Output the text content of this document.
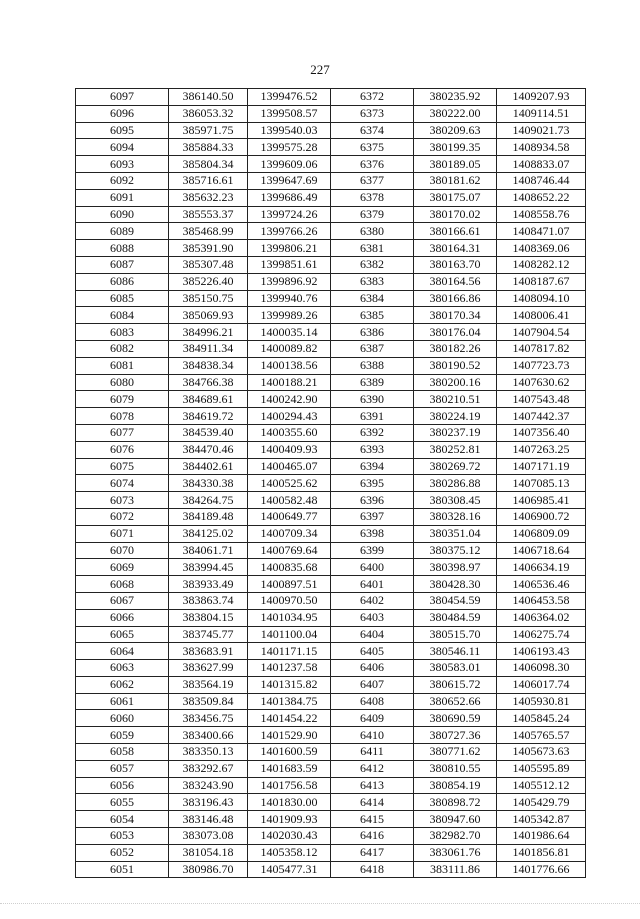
227
6097	386140.50	1399476.52	6372	380235.92	1409207.93
6096	386053.32	1399508.57	6373	380222.00	1409114.51
6095	385971.75	1399540.03	6374	380209.63	1409021.73
6094	385884.33	1399575.28	6375	380199.35	1408934.58
6093	385804.34	1399609.06	6376	380189.05	1408833.07
6092	385716.61	1399647.69	6377	380181.62	1408746.44
6091	385632.23	1399686.49	6378	380175.07	1408652.22
6090	385553.37	1399724.26	6379	380170.02	1408558.76
6089	385468.99	1399766.26	6380	380166.61	1408471.07
6088	385391.90	1399806.21	6381	380164.31	1408369.06
6087	385307.48	1399851.61	6382	380163.70	1408282.12
6086	385226.40	1399896.92	6383	380164.56	1408187.67
6085	385150.75	1399940.76	6384	380166.86	1408094.10
6084	385069.93	1399989.26	6385	380170.34	1408006.41
6083	384996.21	1400035.14	6386	380176.04	1407904.54
6082	384911.34	1400089.82	6387	380182.26	1407817.82
6081	384838.34	1400138.56	6388	380190.52	1407723.73
6080	384766.38	1400188.21	6389	380200.16	1407630.62
6079	384689.61	1400242.90	6390	380210.51	1407543.48
6078	384619.72	1400294.43	6391	380224.19	1407442.37
6077	384539.40	1400355.60	6392	380237.19	1407356.40
6076	384470.46	1400409.93	6393	380252.81	1407263.25
6075	384402.61	1400465.07	6394	380269.72	1407171.19
6074	384330.38	1400525.62	6395	380286.88	1407085.13
6073	384264.75	1400582.48	6396	380308.45	1406985.41
6072	384189.48	1400649.77	6397	380328.16	1406900.72
6071	384125.02	1400709.34	6398	380351.04	1406809.09
6070	384061.71	1400769.64	6399	380375.12	1406718.64
6069	383994.45	1400835.68	6400	380398.97	1406634.19
6068	383933.49	1400897.51	6401	380428.30	1406536.46
6067	383863.74	1400970.50	6402	380454.59	1406453.58
6066	383804.15	1401034.95	6403	380484.59	1406364.02
6065	383745.77	1401100.04	6404	380515.70	1406275.74
6064	383683.91	1401171.15	6405	380546.11	1406193.43
6063	383627.99	1401237.58	6406	380583.01	1406098.30
6062	383564.19	1401315.82	6407	380615.72	1406017.74
6061	383509.84	1401384.75	6408	380652.66	1405930.81
6060	383456.75	1401454.22	6409	380690.59	1405845.24
6059	383400.66	1401529.90	6410	380727.36	1405765.57
6058	383350.13	1401600.59	6411	380771.62	1405673.63
6057	383292.67	1401683.59	6412	380810.55	1405595.89
6056	383243.90	1401756.58	6413	380854.19	1405512.12
6055	383196.43	1401830.00	6414	380898.72	1405429.79
6054	383146.48	1401909.93	6415	380947.60	1405342.87
6053	383073.08	1402030.43	6416	382982.70	1401986.64
6052	381054.18	1405358.12	6417	383061.76	1401856.81
6051	380986.70	1405477.31	6418	383111.86	1401776.66
